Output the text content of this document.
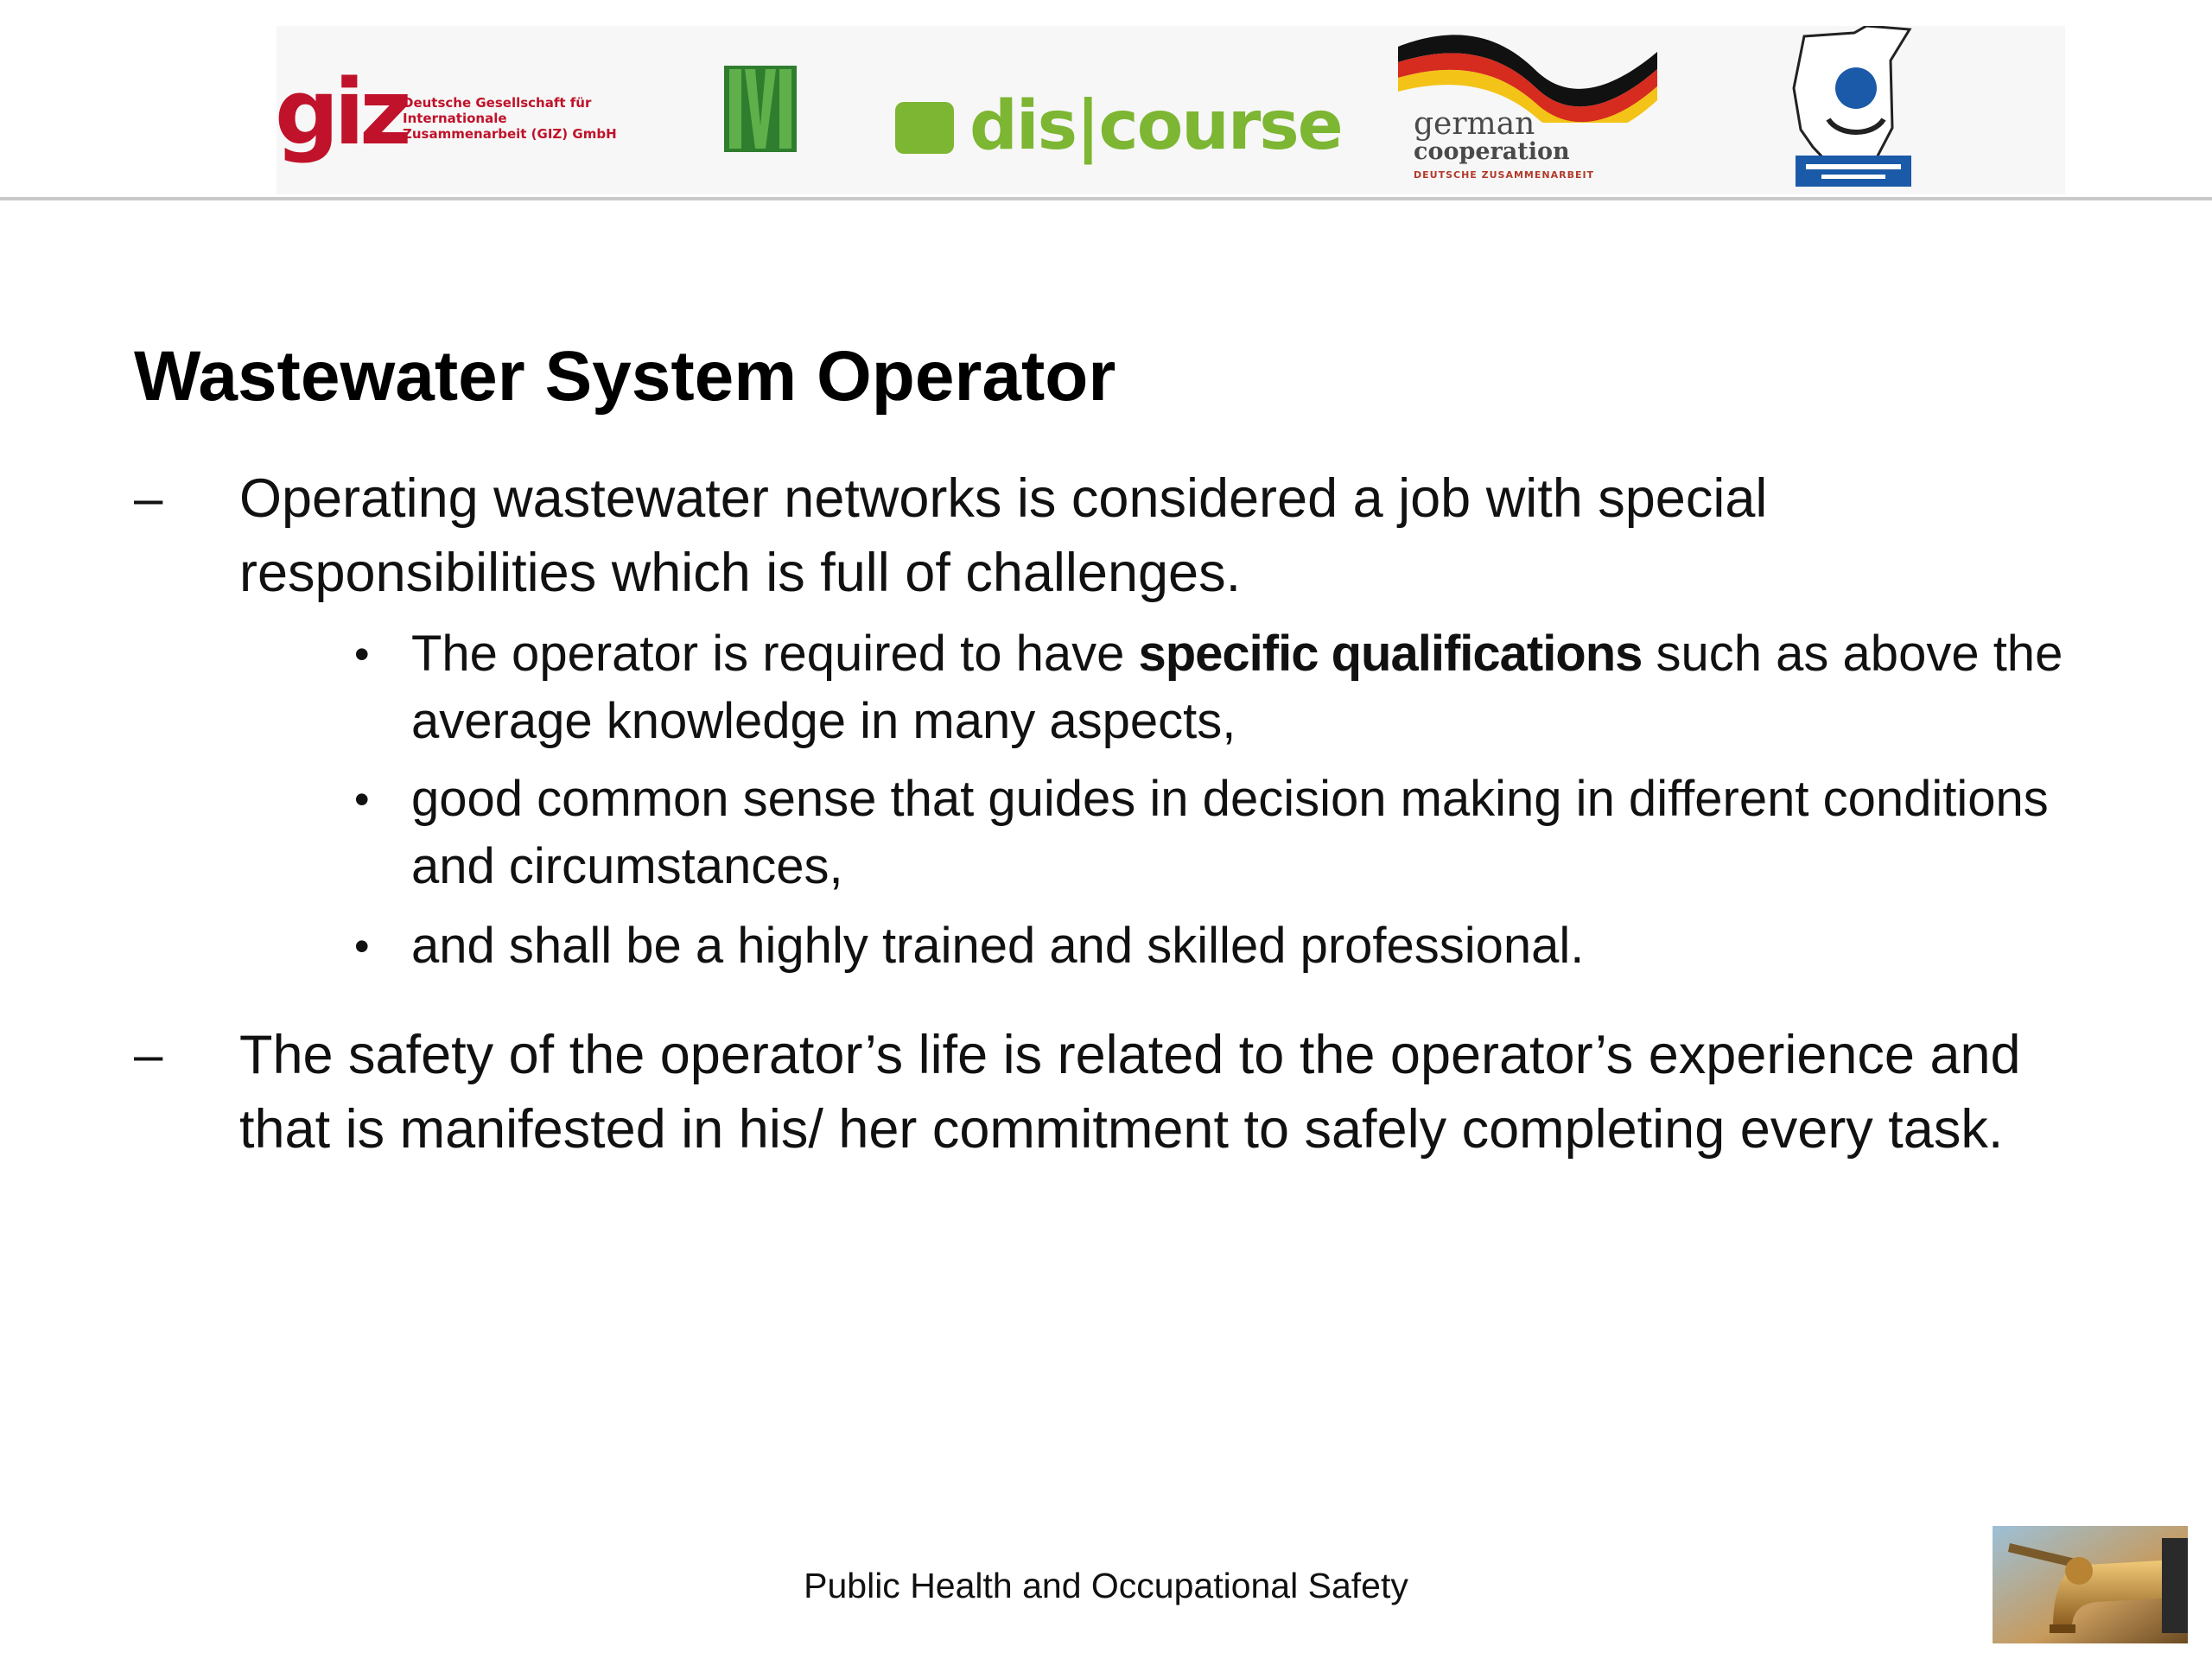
giz
Deutsche Gesellschaft für Internationale Zusammenarbeit (GIZ) GmbH	dis|course german
cooperation
DEUTSCHE ZUSAMMENARBEIT
Wastewater System Operator
– Operating wastewater networks is considered a job with special responsibilities which is full of challenges.
• The operator is required to have specific qualifications such as above the average knowledge in many aspects,
• good common sense that guides in decision making in different conditions and circumstances,
• and shall be a highly trained and skilled professional.
– The safety of the operator’s life is related to the operator’s experience and that is manifested in his/ her commitment to safely completing every task.
Public Health and Occupational Safety
